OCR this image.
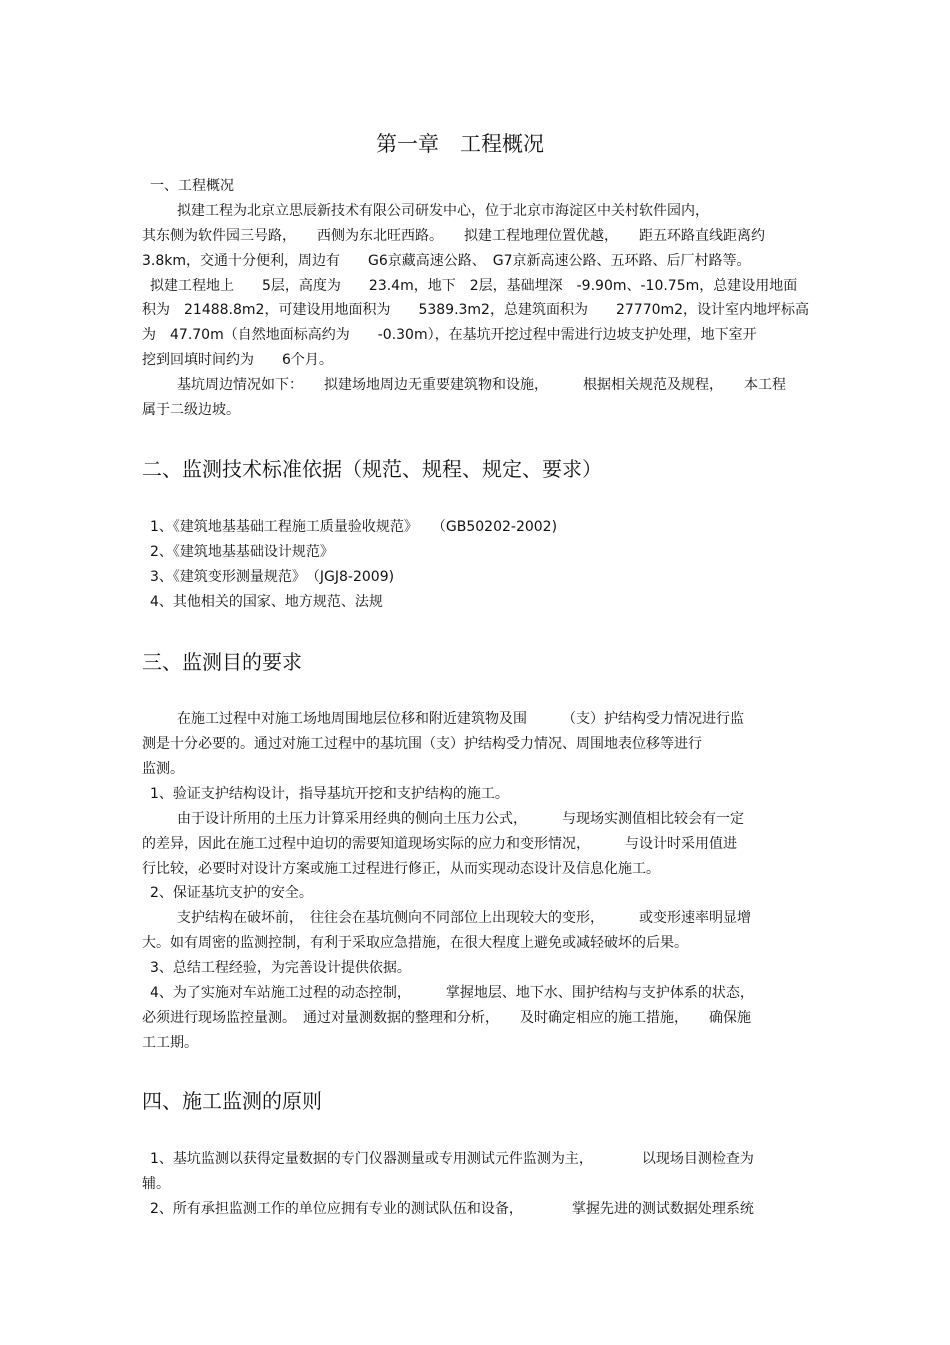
第一章　工程概况
一、工程概况
拟建工程为北京立思辰新技术有限公司研发中心，位于北京市海淀区中关村软件园内，
其东侧为软件园三号路，　　西侧为东北旺西路。　　拟建工程地理位置优越，　　距五环路直线距离约
3.8km，交通十分便利，周边有　　G6京藏高速公路、　G7京新高速公路、五环路、后厂村路等。
拟建工程地上　　5层，高度为　　23.4m，地下　2层，基础埋深　-9.90m、-10.75m，总建设用地面
积为　21488.8m2，可建设用地面积为　　5389.3m2，总建筑面积为　　27770m2，设计室内地坪标高
为　47.70m（自然地面标高约为　　-0.30m），在基坑开挖过程中需进行边坡支护处理，地下室开
挖到回填时间约为　　6个月。
基坑周边情况如下：　　拟建场地周边无重要建筑物和设施，　　　根据相关规范及规程，　　本工程
属于二级边坡。
二、监测技术标准依据（规范、规程、规定、要求）
1、《建筑地基基础工程施工质量验收规范》　　（GB50202-2002)
2、《建筑地基基础设计规范》
3、《建筑变形测量规范》　（JGJ8-2009)
4、其他相关的国家、地方规范、法规
三、监测目的要求
在施工过程中对施工场地周围地层位移和附近建筑物及围　　　（支）护结构受力情况进行监
测是十分必要的。通过对施工过程中的基坑围（支）护结构受力情况、周围地表位移等进行
监测。
1、验证支护结构设计，指导基坑开挖和支护结构的施工。
由于设计所用的土压力计算采用经典的侧向土压力公式，　　　与现场实测值相比较会有一定
的差异，因此在施工过程中迫切的需要知道现场实际的应力和变形情况，　　　与设计时采用值进
行比较，必要时对设计方案或施工过程进行修正，从而实现动态设计及信息化施工。
2、保证基坑支护的安全。
支护结构在破坏前，　往往会在基坑侧向不同部位上出现较大的变形，　　　或变形速率明显增
大。如有周密的监测控制，有利于采取应急措施，在很大程度上避免或减轻破坏的后果。
3、总结工程经验，为完善设计提供依据。
4、为了实施对车站施工过程的动态控制，　　　掌握地层、地下水、围护结构与支护体系的状态，
必须进行现场监控量测。　通过对量测数据的整理和分析，　　及时确定相应的施工措施，　　确保施
工工期。
四、施工监测的原则
1、基坑监测以获得定量数据的专门仪器测量或专用测试元件监测为主，　　　　以现场目测检查为
辅。
2、所有承担监测工作的单位应拥有专业的测试队伍和设备，　　　　掌握先进的测试数据处理系统
